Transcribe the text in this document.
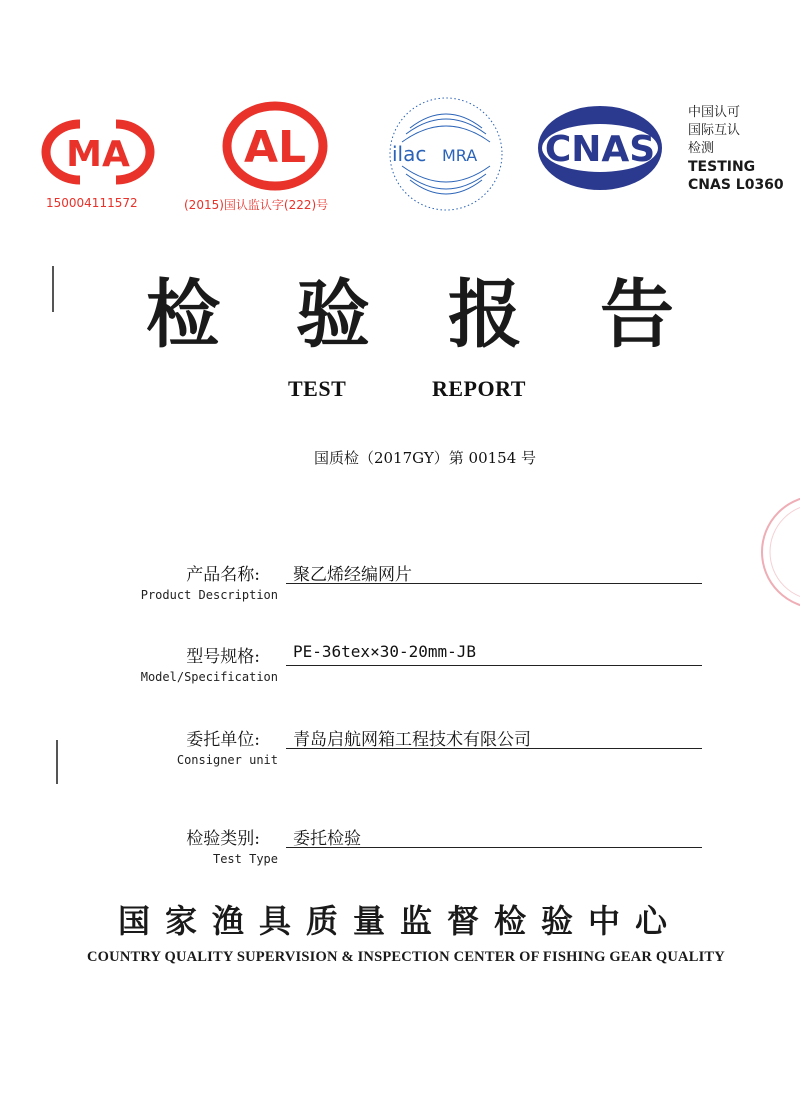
MA
150004111572
AL
(2015)国认监认字(222)号
ilac MRA CNAS
中国认可
国际互认
检测
TESTING
CNAS L0360
检 验 报 告
TEST	REPORT
国质检（2017GY）第 00154 号
产品名称:
Product Description
聚乙烯经编网片
型号规格:
Model/Specification
PE-36tex×30-20mm-JB
委托单位:
Consigner unit
青岛启航网箱工程技术有限公司
检验类别:
Test Type
委托检验
国家渔具质量监督检验中心
COUNTRY QUALITY SUPERVISION & INSPECTION CENTER OF FISHING GEAR QUALITY
